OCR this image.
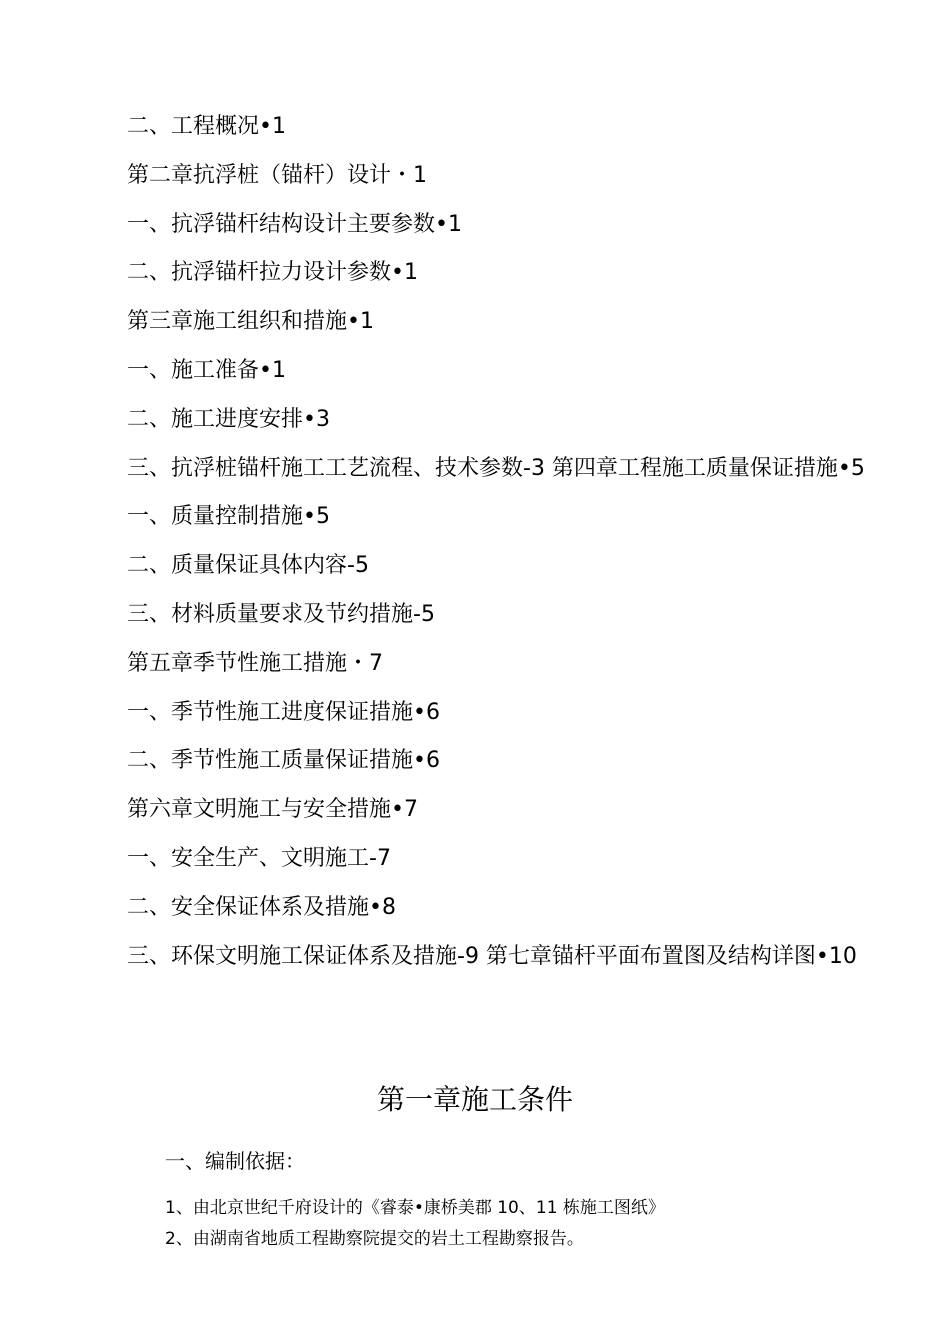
二、工程概况•1
第二章抗浮桩（锚杆）设计・1
一、抗浮锚杆结构设计主要参数•1
二、抗浮锚杆拉力设计参数•1
第三章施工组织和措施•1
一、施工准备•1
二、施工进度安排•3
三、抗浮桩锚杆施工工艺流程、技术参数-3 第四章工程施工质量保证措施•5
一、质量控制措施•5
二、质量保证具体内容-5
三、材料质量要求及节约措施-5
第五章季节性施工措施・7
一、季节性施工进度保证措施•6
二、季节性施工质量保证措施•6
第六章文明施工与安全措施•7
一、安全生产、文明施工-7
二、安全保证体系及措施•8
三、环保文明施工保证体系及措施-9 第七章锚杆平面布置图及结构详图•10
第一章施工条件
一、编制依据：
1、由北京世纪千府设计的《睿泰•康桥美郡 10、11 栋施工图纸》
2、由湖南省地质工程勘察院提交的岩土工程勘察报告。
